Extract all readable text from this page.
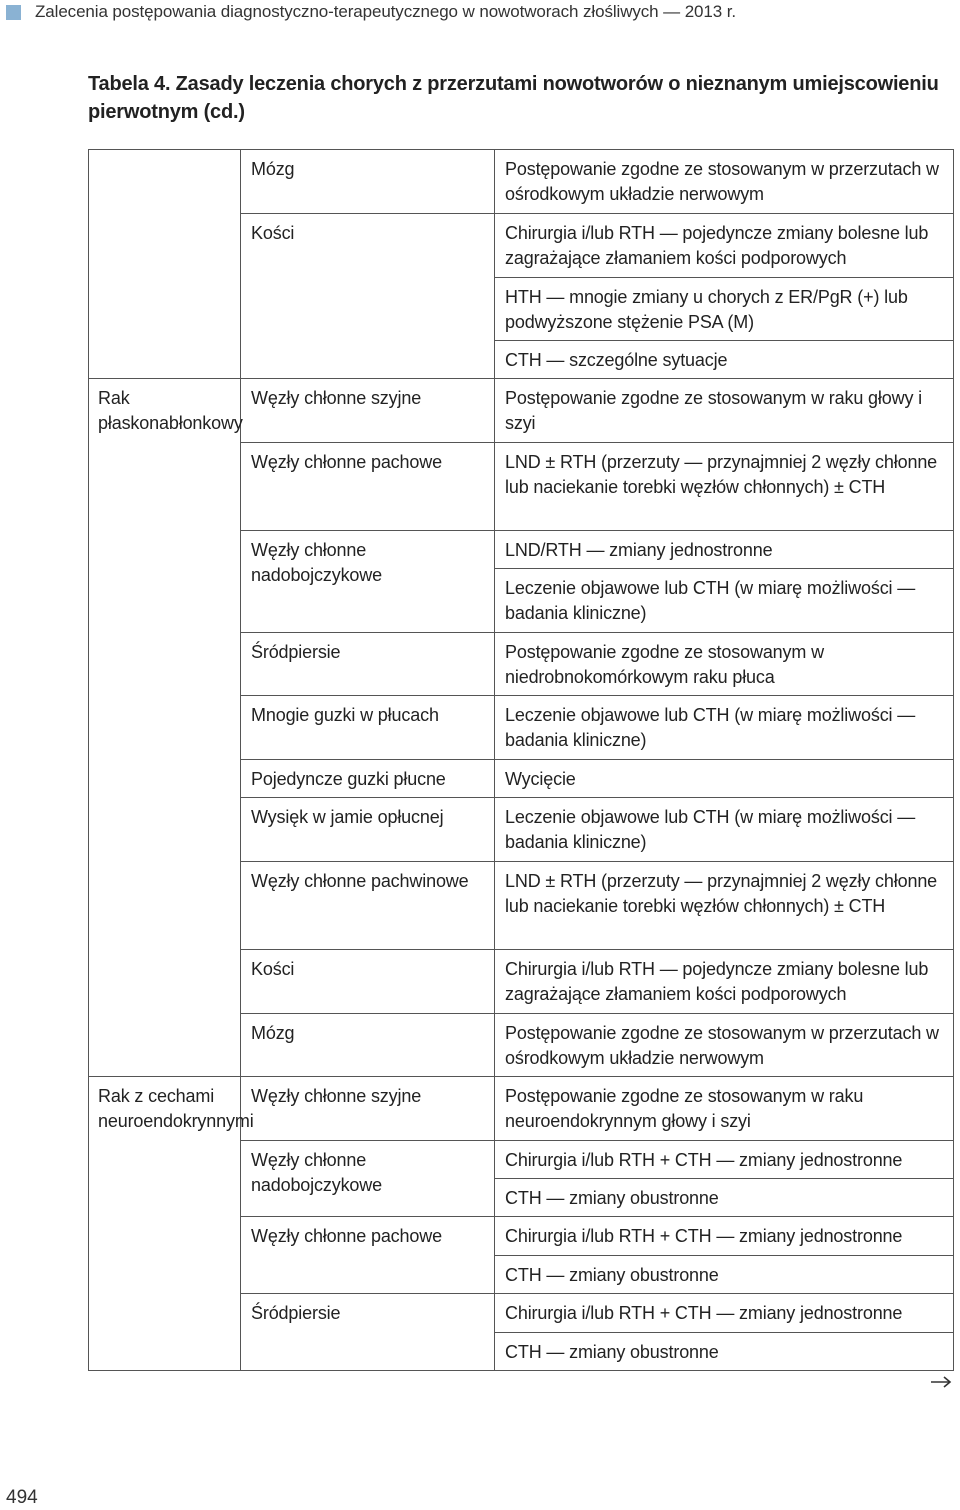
Zalecenia postępowania diagnostyczno-terapeutycznego w nowotworach złośliwych — 2013 r.
Tabela 4. Zasady leczenia chorych z przerzutami nowotworów o nieznanym umiejscowieniu pierwotnym (cd.)
	Mózg	Postępowanie zgodne ze stosowanym w przerzutach w ośrodkowym układzie nerwowym
	Kości	Chirurgia i/lub RTH — pojedyncze zmiany bolesne lub zagrażające złamaniem kości podporowych
		HTH — mnogie zmiany u chorych z ER/PgR (+) lub podwyższone stężenie PSA (M)
		CTH — szczególne sytuacje
Rak płaskonabłonkowy	Węzły chłonne szyjne	Postępowanie zgodne ze stosowanym w raku głowy i szyi
	Węzły chłonne pachowe	LND ± RTH (przerzuty — przynajmniej 2 węzły chłonne lub naciekanie torebki węzłów chłonnych) ± CTH
	Węzły chłonne nadobojczykowe	LND/RTH — zmiany jednostronne
		Leczenie objawowe lub CTH (w miarę możliwości — badania kliniczne)
	Śródpiersie	Postępowanie zgodne ze stosowanym w niedrobnokomórkowym raku płuca
	Mnogie guzki w płucach	Leczenie objawowe lub CTH (w miarę możliwości — badania kliniczne)
	Pojedyncze guzki płucne	Wycięcie
	Wysięk w jamie opłucnej	Leczenie objawowe lub CTH (w miarę możliwości — badania kliniczne)
	Węzły chłonne pachwinowe	LND ± RTH (przerzuty — przynajmniej 2 węzły chłonne lub naciekanie torebki węzłów chłonnych) ± CTH
	Kości	Chirurgia i/lub RTH — pojedyncze zmiany bolesne lub zagrażające złamaniem kości podporowych
	Mózg	Postępowanie zgodne ze stosowanym w przerzutach w ośrodkowym układzie nerwowym
Rak z cechami neuroendokrynnymi	Węzły chłonne szyjne	Postępowanie zgodne ze stosowanym w raku neuroendokrynnym głowy i szyi
	Węzły chłonne nadobojczykowe	Chirurgia i/lub RTH + CTH — zmiany jednostronne
		CTH — zmiany obustronne
	Węzły chłonne pachowe	Chirurgia i/lub RTH + CTH — zmiany jednostronne
		CTH — zmiany obustronne
	Śródpiersie	Chirurgia i/lub RTH + CTH — zmiany jednostronne
		CTH — zmiany obustronne
494
